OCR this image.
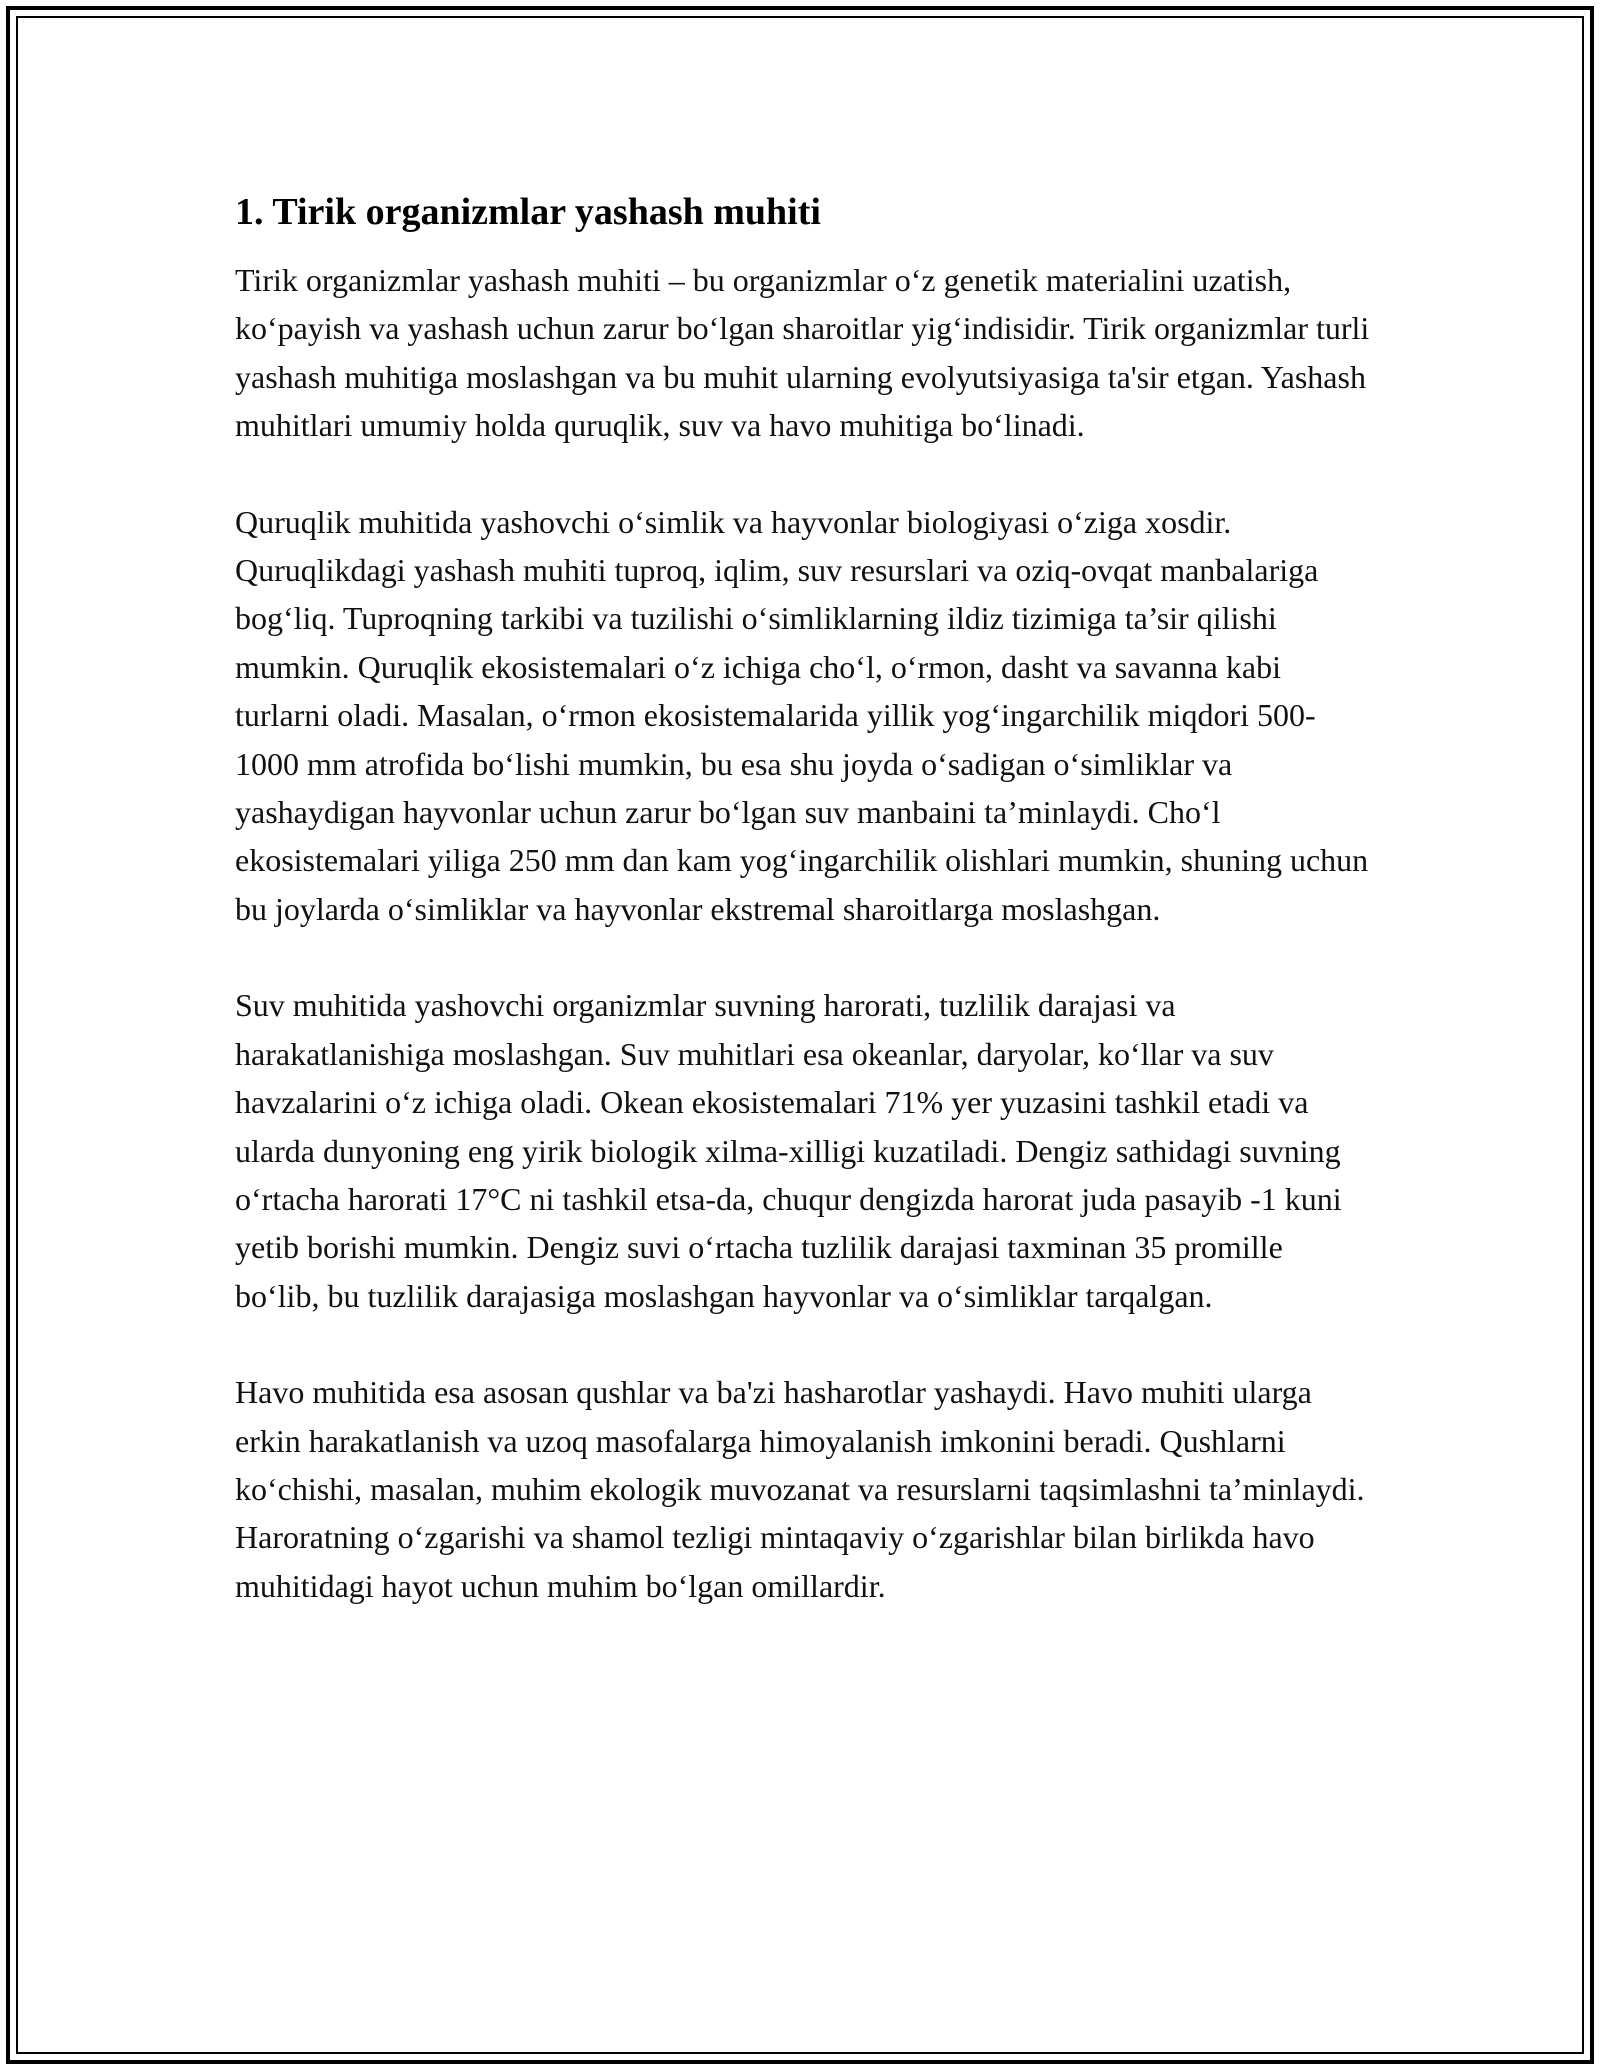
1. Tirik organizmlar yashash muhiti

Tirik organizmlar yashash muhiti – bu organizmlar o‘z genetik materialini uzatish, ko‘payish va yashash uchun zarur bo‘lgan sharoitlar yig‘indisidir. Tirik organizmlar turli yashash muhitiga moslashgan va bu muhit ularning evolyutsiyasiga ta'sir etgan. Yashash muhitlari umumiy holda quruqlik, suv va havo muhitiga bo‘linadi.

Quruqlik muhitida yashovchi o‘simlik va hayvonlar biologiyasi o‘ziga xosdir. Quruqlikdagi yashash muhiti tuproq, iqlim, suv resurslari va oziq-ovqat manbalariga bog‘liq. Tuproqning tarkibi va tuzilishi o‘simliklarning ildiz tizimiga ta’sir qilishi mumkin. Quruqlik ekosistemalari o‘z ichiga cho‘l, o‘rmon, dasht va savanna kabi turlarni oladi. Masalan, o‘rmon ekosistemalarida yillik yog‘ingarchilik miqdori 500-1000 mm atrofida bo‘lishi mumkin, bu esa shu joyda o‘sadigan o‘simliklar va yashaydigan hayvonlar uchun zarur bo‘lgan suv manbaini ta’minlaydi. Cho‘l ekosistemalari yiliga 250 mm dan kam yog‘ingarchilik olishlari mumkin, shuning uchun bu joylarda o‘simliklar va hayvonlar ekstremal sharoitlarga moslashgan.

Suv muhitida yashovchi organizmlar suvning harorati, tuzlilik darajasi va harakatlanishiga moslashgan. Suv muhitlari esa okeanlar, daryolar, ko‘llar va suv havzalarini o‘z ichiga oladi. Okean ekosistemalari 71% yer yuzasini tashkil etadi va ularda dunyoning eng yirik biologik xilma-xilligi kuzatiladi. Dengiz sathidagi suvning o‘rtacha harorati 17°C ni tashkil etsa-da, chuqur dengizda harorat juda pasayib -1 kuni yetib borishi mumkin. Dengiz suvi o‘rtacha tuzlilik darajasi taxminan 35 promille bo‘lib, bu tuzlilik darajasiga moslashgan hayvonlar va o‘simliklar tarqalgan.

Havo muhitida esa asosan qushlar va ba'zi hasharotlar yashaydi. Havo muhiti ularga erkin harakatlanish va uzoq masofalarga himoyalanish imkonini beradi. Qushlarni ko‘chishi, masalan, muhim ekologik muvozanat va resurslarni taqsimlashni ta’minlaydi. Haroratning o‘zgarishi va shamol tezligi mintaqaviy o‘zgarishlar bilan birlikda havo muhitidagi hayot uchun muhim bo‘lgan omillardir.
